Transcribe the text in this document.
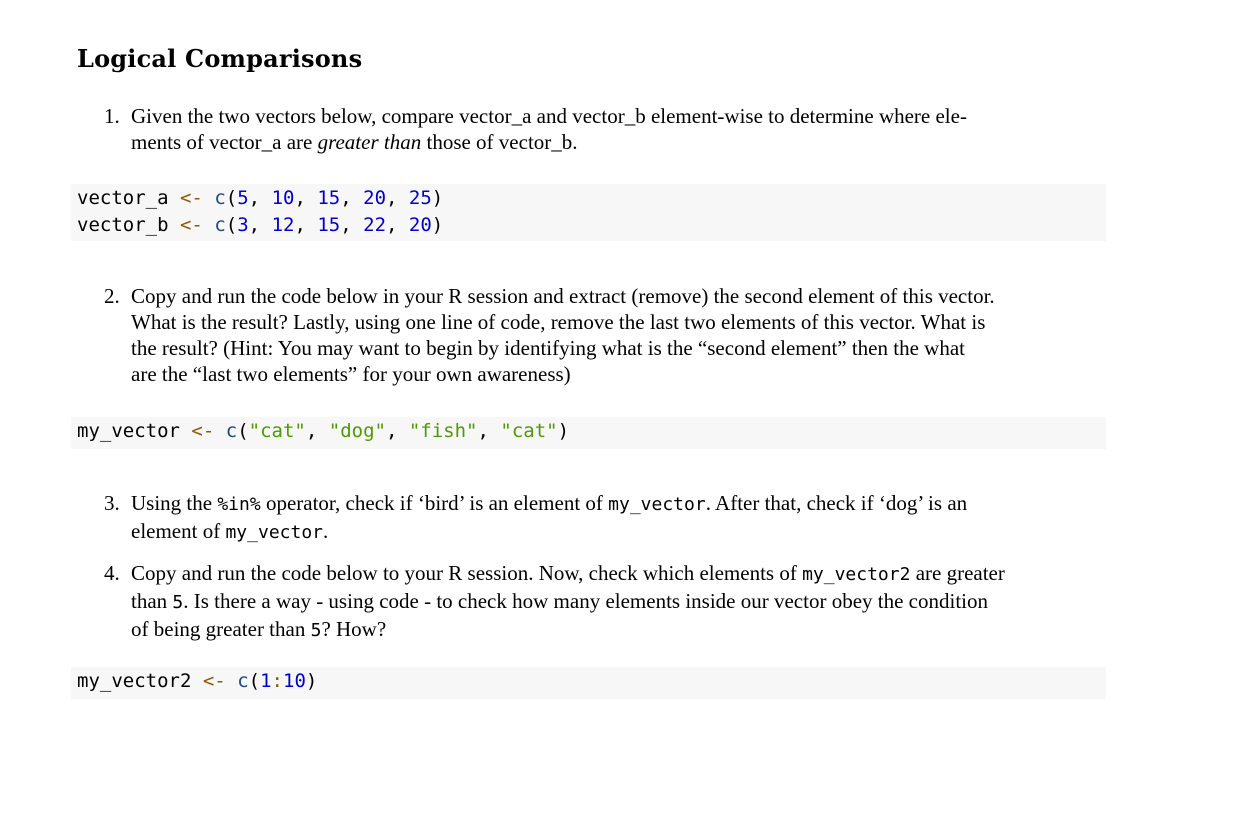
Logical Comparisons
1. Given the two vectors below, compare vector_a and vector_b element-wise to determine where ele-
ments of vector_a are greater than those of vector_b.
vector_a <- c(5, 10, 15, 20, 25)
vector_b <- c(3, 12, 15, 22, 20)
2. Copy and run the code below in your R session and extract (remove) the second element of this vector.
What is the result? Lastly, using one line of code, remove the last two elements of this vector. What is
the result? (Hint: You may want to begin by identifying what is the “second element” then the what
are the “last two elements” for your own awareness)
my_vector <- c("cat", "dog", "fish", "cat")
3. Using the %in% operator, check if ‘bird’ is an element of my_vector. After that, check if ‘dog’ is an
element of my_vector.
4. Copy and run the code below to your R session. Now, check which elements of my_vector2 are greater
than 5. Is there a way - using code - to check how many elements inside our vector obey the condition
of being greater than 5? How?
my_vector2 <- c(1:10)
